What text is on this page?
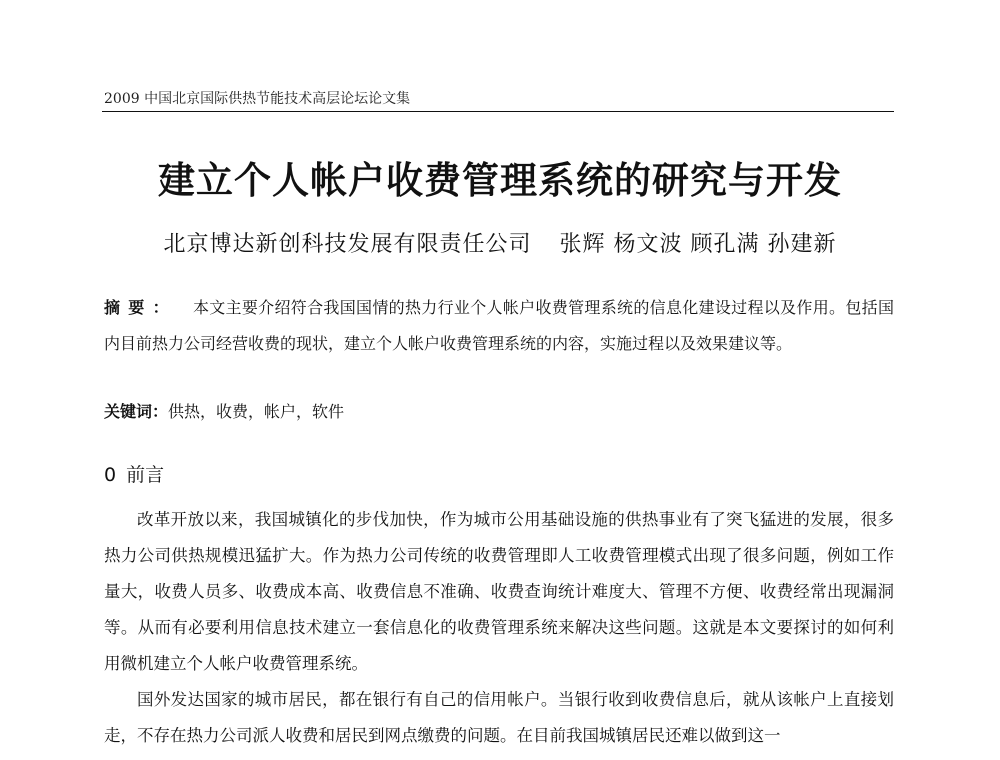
2009 中国北京国际供热节能技术高层论坛论文集
建立个人帐户收费管理系统的研究与开发
北京博达新创科技发展有限责任公司 张辉 杨文波 顾孔满 孙建新
摘要： 本文主要介绍符合我国国情的热力行业个人帐户收费管理系统的信息化建设过程以及作用。包括国内目前热力公司经营收费的现状，建立个人帐户收费管理系统的内容，实施过程以及效果建议等。
关键词：供热，收费，帐户，软件
0 前言

改革开放以来，我国城镇化的步伐加快，作为城市公用基础设施的供热事业有了突飞猛进的发展，很多热力公司供热规模迅猛扩大。作为热力公司传统的收费管理即人工收费管理模式出现了很多问题，例如工作量大，收费人员多、收费成本高、收费信息不准确、收费查询统计难度大、管理不方便、收费经常出现漏洞等。从而有必要利用信息技术建立一套信息化的收费管理系统来解决这些问题。这就是本文要探讨的如何利用微机建立个人帐户收费管理系统。

国外发达国家的城市居民，都在银行有自己的信用帐户。当银行收到收费信息后，就从该帐户上直接划走，不存在热力公司派人收费和居民到网点缴费的问题。在目前我国城镇居民还难以做到这一
